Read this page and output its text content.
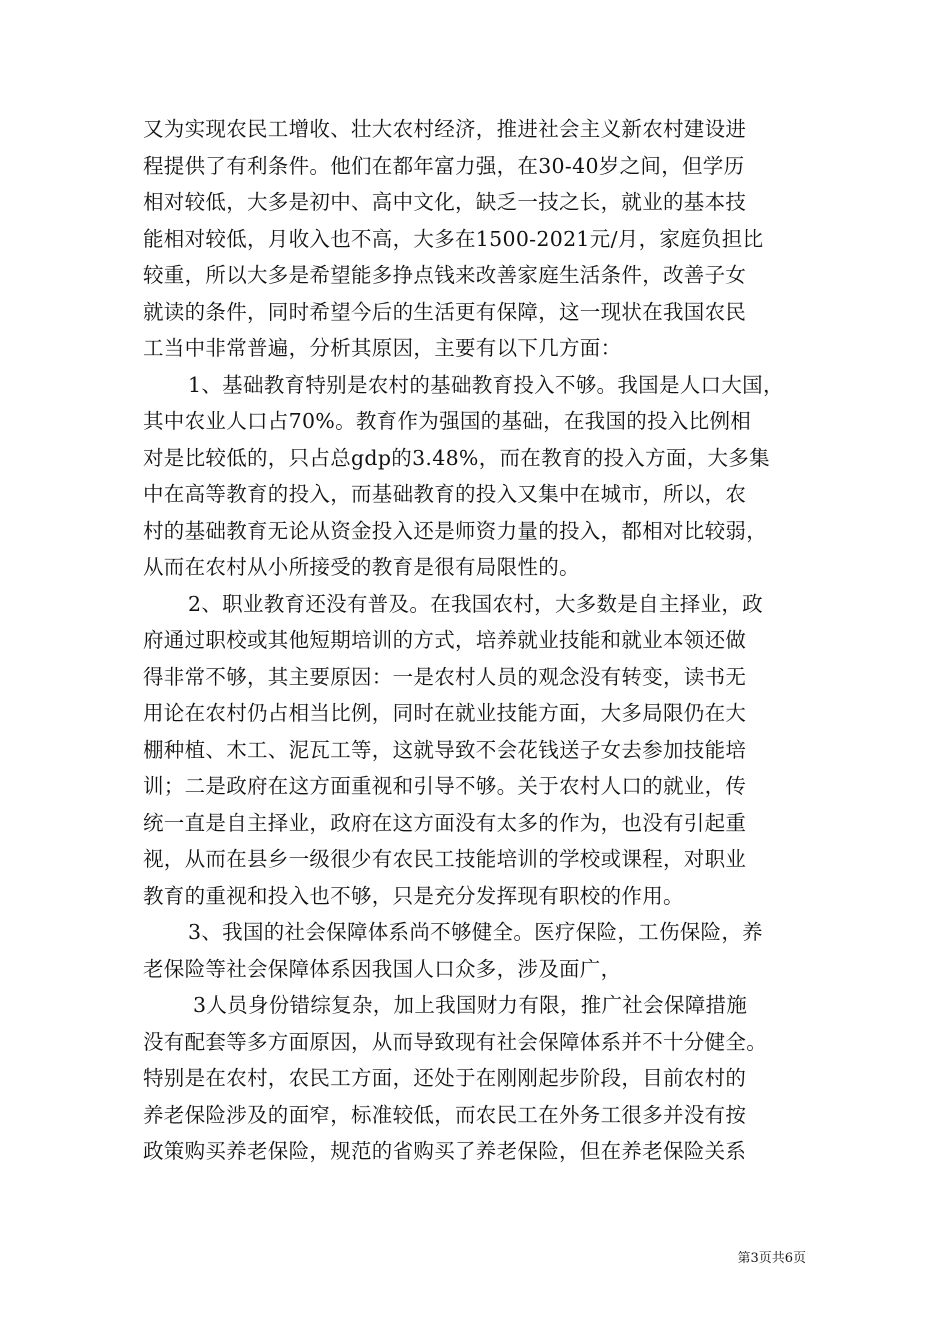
又为实现农民工增收、壮大农村经济，推进社会主义新农村建设进
程提供了有利条件。他们在都年富力强，在30-40岁之间，但学历
相对较低，大多是初中、高中文化，缺乏一技之长，就业的基本技
能相对较低，月收入也不高，大多在1500-2021元/月，家庭负担比
较重，所以大多是希望能多挣点钱来改善家庭生活条件，改善子女
就读的条件，同时希望今后的生活更有保障，这一现状在我国农民
工当中非常普遍，分析其原因，主要有以下几方面：
1、基础教育特别是农村的基础教育投入不够。我国是人口大国，
其中农业人口占70%。教育作为强国的基础，在我国的投入比例相
对是比较低的，只占总gdp的3.48%，而在教育的投入方面，大多集
中在高等教育的投入，而基础教育的投入又集中在城市，所以，农
村的基础教育无论从资金投入还是师资力量的投入，都相对比较弱，
从而在农村从小所接受的教育是很有局限性的。
2、职业教育还没有普及。在我国农村，大多数是自主择业，政
府通过职校或其他短期培训的方式，培养就业技能和就业本领还做
得非常不够，其主要原因：一是农村人员的观念没有转变，读书无
用论在农村仍占相当比例，同时在就业技能方面，大多局限仍在大
棚种植、木工、泥瓦工等，这就导致不会花钱送子女去参加技能培
训；二是政府在这方面重视和引导不够。关于农村人口的就业，传
统一直是自主择业，政府在这方面没有太多的作为，也没有引起重
视，从而在县乡一级很少有农民工技能培训的学校或课程，对职业
教育的重视和投入也不够，只是充分发挥现有职校的作用。
3、我国的社会保障体系尚不够健全。医疗保险，工伤保险，养
老保险等社会保障体系因我国人口众多，涉及面广，
3人员身份错综复杂，加上我国财力有限，推广社会保障措施
没有配套等多方面原因，从而导致现有社会保障体系并不十分健全。
特别是在农村，农民工方面，还处于在刚刚起步阶段，目前农村的
养老保险涉及的面窄，标准较低，而农民工在外务工很多并没有按
政策购买养老保险，规范的省购买了养老保险，但在养老保险关系
第3页共6页
